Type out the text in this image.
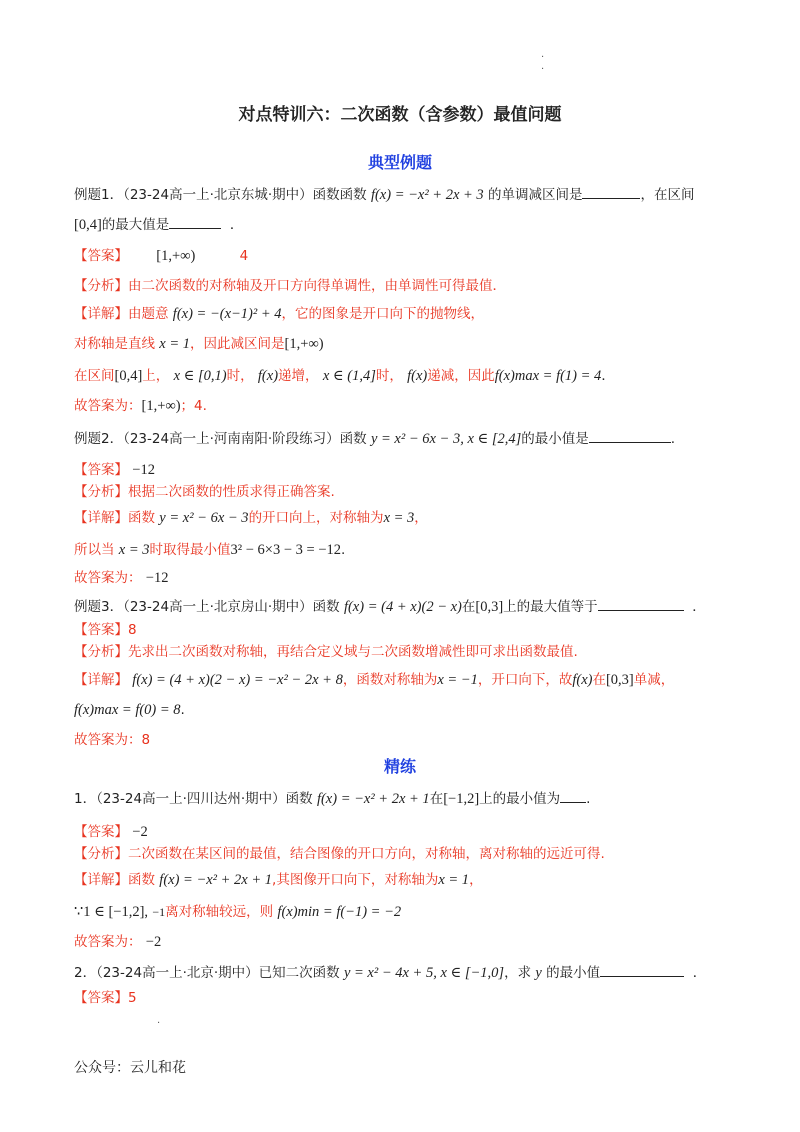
·
·
对点特训六：二次函数（含参数）最值问题
典型例题
例题1．（23-24高一上·北京东城·期中）函数函数 f(x) = −x² + 2x + 3 的单调减区间是	，在区间
[0,4]的最大值是	．
【答案】 [1,+∞)	4
【分析】由二次函数的对称轴及开口方向得单调性，由单调性可得最值．
【详解】由题意 f(x) = −(x−1)² + 4，它的图象是开口向下的抛物线，
对称轴是直线 x = 1，因此减区间是[1,+∞)
在区间[0,4]上， x ∈ [0,1)时， f(x)递增， x ∈ (1,4]时， f(x)递减，因此f(x)max = f(1) = 4．
故答案为：[1,+∞)；4.
例题2．（23-24高一上·河南南阳·阶段练习）函数 y = x² − 6x − 3, x ∈ [2,4]的最小值是	.
【答案】 −12
【分析】根据二次函数的性质求得正确答案.
【详解】函数 y = x² − 6x − 3的开口向上，对称轴为x = 3，
所以当 x = 3时取得最小值3² − 6×3 − 3 = −12.
故答案为： −12
例题3．（23-24高一上·北京房山·期中）函数 f(x) = (4 + x)(2 − x)在[0,3]上的最大值等于	．
【答案】8
【分析】先求出二次函数对称轴，再结合定义域与二次函数增减性即可求出函数最值.
【详解】 f(x) = (4 + x)(2 − x) = −x² − 2x + 8，函数对称轴为x = −1，开口向下，故f(x)在[0,3]单减，
f(x)max = f(0) = 8.
故答案为：8
精练
1．（23-24高一上·四川达州·期中）函数 f(x) = −x² + 2x + 1在[−1,2]上的最小值为 .
【答案】 −2
【分析】二次函数在某区间的最值，结合图像的开口方向，对称轴，离对称轴的远近可得.
【详解】函数 f(x) = −x² + 2x + 1,其图像开口向下，对称轴为x = 1，
∵1 ∈ [−1,2], −1离对称轴较远，则 f(x)min = f(−1) = −2
故答案为： −2
2．（23-24高一上·北京·期中）已知二次函数 y = x² − 4x + 5, x ∈ [−1,0]，求 y 的最小值	．
【答案】5
·
公众号：云儿和花
